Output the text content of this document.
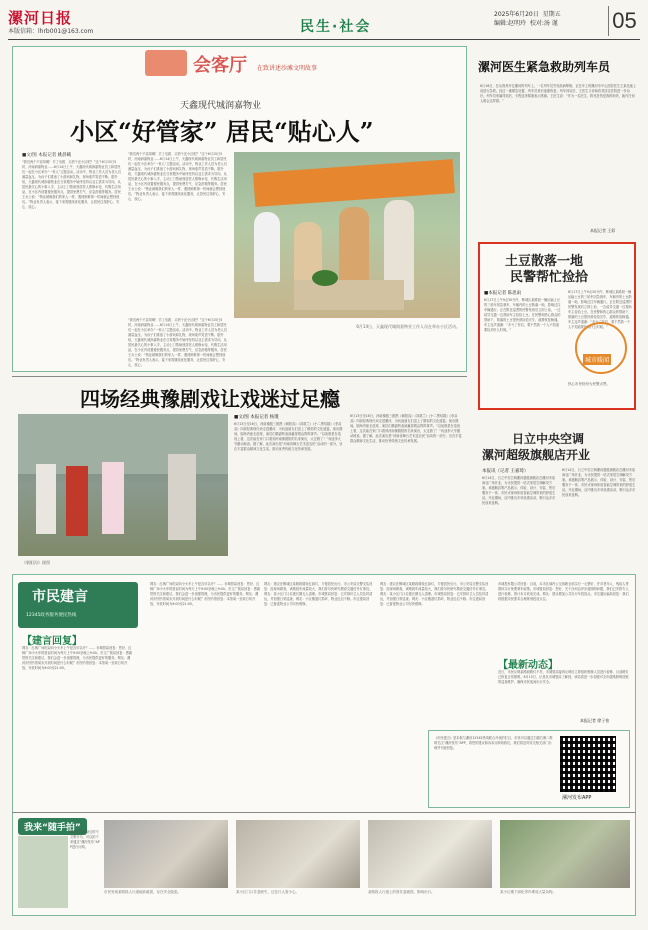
漯河日报
本版信箱：lhrb001@163.com	民生·社会
2025年6月20日 星期五
编辑:赵明玲 校对:汤 谨	05
会客厅 在致讲述沙滩文明故事
天鑫现代城润嘉物业
小区“好管家” 居民“贴心人”
■文/图 本报记者 姚晨曦
“我们两个不容易啊！手工皂做、买药个还小区吧？”这个6月15日5时，河南润嘉物业……6月14日上午，天鑫现代城润嘉物业员工和居民们一起在小区举办“一家人”主题活动。活动中，物业工作人员为老人们测量血压，为孩子们准备了小游戏和礼物，现场欢声笑语不断。据介绍，天鑫现代城润嘉物业在日常服务中始终坚持以业主需求为导向，从居民最关心的小事入手，主动上门帮助独居老人维修水电、代购生活用品，在小区内设置便民服务点，提供免费打气、应急药箱等服务。居民王女士说：“物业就像我们的家人一样，遇到困难第一时间就会想到他们。”物业负责人表示，接下来将继续优化服务，让居民住得舒心、安心、放心。
“我们两个不容易啊！手工皂做、买药个还小区吧？”这个6月15日5时，河南润嘉物业……6月14日上午，天鑫现代城润嘉物业员工和居民们一起在小区举办“一家人”主题活动。活动中，物业工作人员为老人们测量血压，为孩子们准备了小游戏和礼物，现场欢声笑语不断。据介绍，天鑫现代城润嘉物业在日常服务中始终坚持以业主需求为导向，从居民最关心的小事入手，主动上门帮助独居老人维修水电、代购生活用品，在小区内设置便民服务点，提供免费打气、应急药箱等服务。居民王女士说：“物业就像我们的家人一样，遇到困难第一时间就会想到他们。”物业负责人表示，接下来将继续优化服务，让居民住得舒心、安心、放心。
6月14日，天鑫现代城润嘉物业工作人员在举办小区活动。
“我们两个不容易啊！手工皂做、买药个还小区吧？”这个6月15日5时，河南润嘉物业……6月14日上午，天鑫现代城润嘉物业员工和居民们一起在小区举办“一家人”主题活动。活动中，物业工作人员为老人们测量血压，为孩子们准备了小游戏和礼物，现场欢声笑语不断。据介绍，天鑫现代城润嘉物业在日常服务中始终坚持以业主需求为导向，从居民最关心的小事入手，主动上门帮助独居老人维修水电、代购生活用品，在小区内设置便民服务点，提供免费打气、应急药箱等服务。居民王女士说：“物业就像我们的家人一样，遇到困难第一时间就会想到他们。”物业负责人表示，接下来将继续优化服务，让居民住得舒心、安心、放心。
四场经典豫剧戏让戏迷过足瘾
《朝阳沟》剧照
■文/图 本报记者 杨瑾
6月13日至16日，河南豫剧三团携《朝阳沟》《刘胡兰》《小二黑结婚》《李双双》四部经典现代戏走进漯河，为戏迷朋友们送上了精彩的文化盛宴。演出期间，剧场内座无虚席，演员们精湛的表演赢得观众阵阵掌声。“以前都是在电视上看，这次能在家门口看到河南豫剧院的名家演出，太过瘾了！”戏迷李大爷激动地说。据了解，此次演出是“河南省舞台艺术送农民”活动的一部分，旨在丰富群众精神文化生活，推动优秀传统文化传承发展。
6月13日至16日，河南豫剧三团携《朝阳沟》《刘胡兰》《小二黑结婚》《李双双》四部经典现代戏走进漯河，为戏迷朋友们送上了精彩的文化盛宴。演出期间，剧场内座无虚席，演员们精湛的表演赢得观众阵阵掌声。“以前都是在电视上看，这次能在家门口看到河南豫剧院的名家演出，太过瘾了！”戏迷李大爷激动地说。据了解，此次演出是“河南省舞台艺术送农民”活动的一部分，旨在丰富群众精神文化生活，推动优秀传统文化传承发展。
漯河医生紧急救助列车员
6月16日，在从郑州开往漯河的列车上，一名列车员突发疾病晕倒，正在车上的漯河市中心医院医生王某迅速上前进行急救。经过一番紧急处置，列车员意识逐渐恢复。列车到站后，王医生又协助将其送往医院进一步治疗。列车员家属得知后，专程送来锦旗表示感谢。王医生说：“作为一名医生，救死扶伤是我的职责，换作任何人都会这样做。”
本报记者 王彩
土豆散落一地
民警帮忙捡拾
■本报记者 陈思雨
6月17日上午9点30分许，郸城区某路段一辆运输土豆的三轮车因急刹车，车厢内的土豆散落一地，影响过往车辆通行。正在附近巡逻的民警发现后立即上前，一边疏导交通一边帮助车主捡拾土豆。在民警和热心群众的帮助下，散落的土豆很快被捡拾完毕，道路恢复畅通。车主连声道谢：“多亏了你们，要不然我一个人不知道要捡到什么时候。”
6月17日上午9点30分许，郸城区某路段一辆运输土豆的三轮车因急刹车，车厢内的土豆散落一地，影响过往车辆通行。正在附近巡逻的民警发现后立即上前，一边疏导交通一边帮助车主捡拾土豆。在民警和热心群众的帮助下，散落的土豆很快被捡拾完毕，道路恢复畅通。车主连声道谢：“多亏了你们，要不然我一个人不知道要捡到什么时候。”
城市暖闻
热心市民纷纷为民警点赞。
日立中央空调
漯河超级旗舰店开业
本报讯（记者 王嘉琦）
6月14日，日立中央空调漯河超级旗舰店在漯河市某商业广场开业，为市民提供一站式家居空调解决方案。该旗舰店集产品展示、体验、设计、安装、售后服务于一体，市民可现场体验智能空调带来的舒适生活。开业期间，店内推出多项优惠活动，吸引众多市民前来选购。
6月14日，日立中央空调漯河超级旗舰店在漯河市某商业广场开业，为市民提供一站式家居空调解决方案。该旗舰店集产品展示、体验、设计、安装、售后服务于一体，市民可现场体验智能空调带来的舒适生活。开业期间，店内推出多项优惠活动，吸引众多市民前来选购。
市民建言
12345政务服务便民热线
【建言回复】
网友：红枫广场的双向小火车上午是否可以开？…… 市城管局回复：您好，红枫广场小火车的营业时间为每天上午9:00至晚上9:00。市文广旅局回复：感谢您的关注和建议，我们会进一步加强管理，为市民提供更好的服务。网友：漯河市图书馆周末开放时间是什么时候？市图书馆回复：本馆周一至周日均开放，开放时间为9:00至21:00。
网友：红枫广场的双向小火车上午是否可以开？…… 市城管局回复：您好，红枫广场小火车的营业时间为每天上午9:00至晚上9:00。市文广旅局回复：感谢您的关注和建议，我们会进一步加强管理，为市民提供更好的服务。网友：漯河市图书馆周末开放时间是什么时候？市图书馆回复：本馆周一至周日均开放，开放时间为9:00至21:00。
网友：建议在郾城区某路段增设红绿灯，方便居民出行。市公安局交警支队回复：经现场勘查，该路段车流量较大，我们将尽快研究增设交通信号灯事宜。网友：某小区门口垃圾长期无人清理。市城管局回复：已安排环卫人员及时清运，并加强日常巡查。网友：小区楼道灯损坏，物业迟迟不修。市住建局回复：已督促物业公司尽快维修。
网友：建议在郾城区某路段增设红绿灯，方便居民出行。市公安局交警支队回复：经现场勘查，该路段车流量较大，我们将尽快研究增设交通信号灯事宜。网友：某小区门口垃圾长期无人清理。市城管局回复：已安排环卫人员及时清运，并加强日常巡查。网友：小区楼道灯损坏，物业迟迟不修。市住建局回复：已督促物业公司尽快维修。
市城投有限公司回复：目前，本市区域内公交线路全部实行一元票价，并对老年人、残疾人等群体实行免费乘车政策。市城管局回复：您好，关于沙河沿岸步道照明问题，我们已安排专人进行检修，预计本月底前完成。网友：建议增加公共自行车投放点。市交通运输局回复：我们将根据市民需求合理规划投放点位。
【最新动态】
近日，市民反映某路段路灯不亮，市城管局接到反映后立即组织维修人员进行检修，目前路灯已恢复正常照明。6月15日，记者从市城管局了解到，该局将进一步加强对全市道路照明设施的巡查维护，确保市民夜间出行安全。
本报记者 徐子怡
《市民建言》是本报与漯河12345热线联合开设的栏目，市民可以通过扫描右侧二维码关注“漯河发布”APP，将您的建议和诉求反映给我们，我们将及时转交相关部门办理并刊登回复。
漯河发布APP
我来“随手拍”
如果您发现身边的不文明行为，可以拍下来通过“漯河发布”APP进行反映。
市民发现某路段人行道地砖破损，存在安全隐患。	某小区门口井盖缺失，过往行人需小心。	某路段人行道上的窨井盖破损，影响出行。	某小区楼下绿化带内堆放大量杂物。
